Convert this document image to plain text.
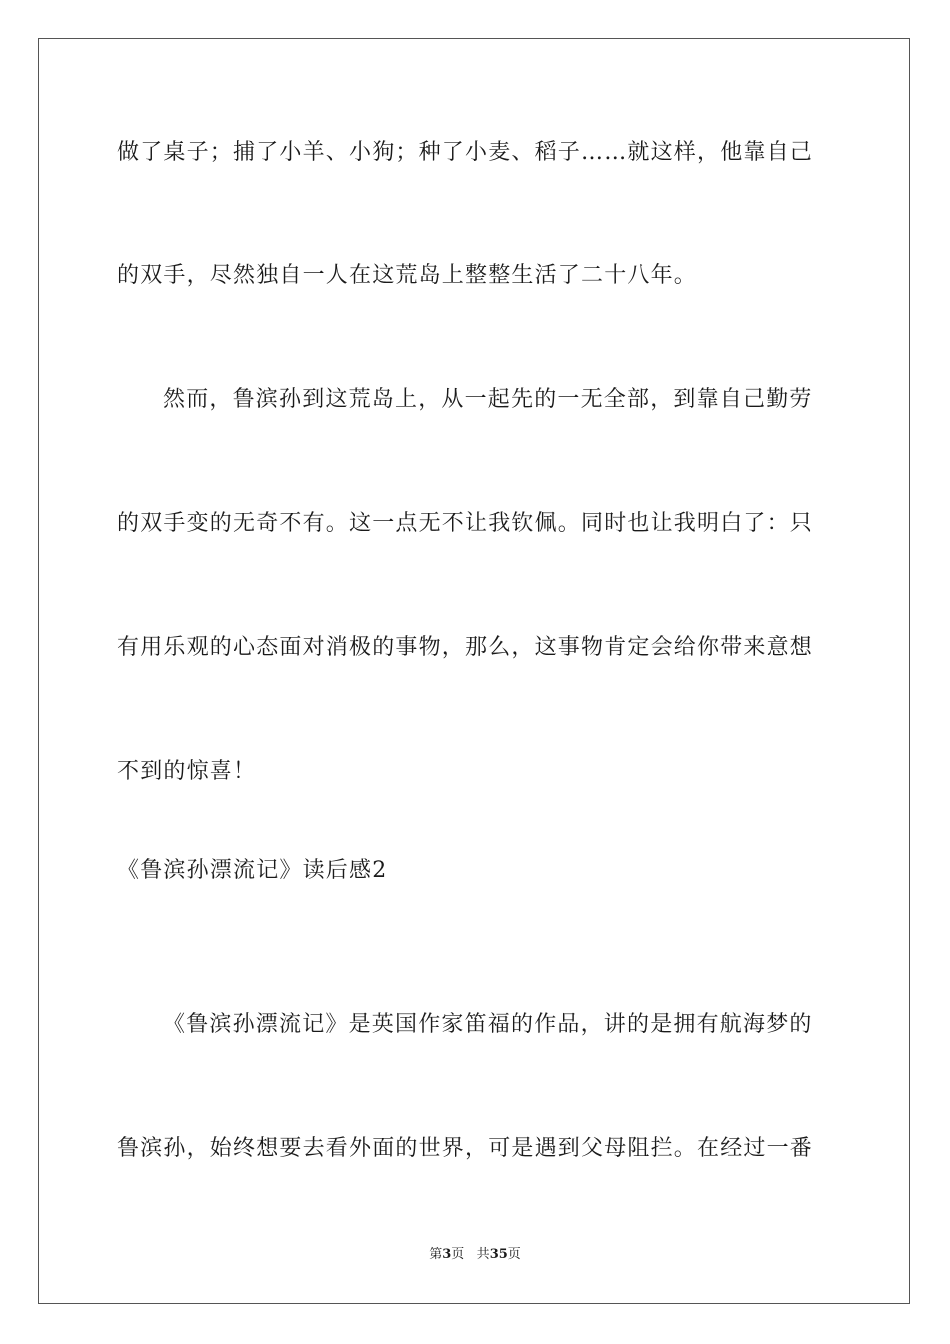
做了桌子；捕了小羊、小狗；种了小麦、稻子……就这样，他靠自己
的双手，尽然独自一人在这荒岛上整整生活了二十八年。
然而，鲁滨孙到这荒岛上，从一起先的一无全部，到靠自己勤劳
的双手变的无奇不有。这一点无不让我钦佩。同时也让我明白了：只
有用乐观的心态面对消极的事物，那么，这事物肯定会给你带来意想
不到的惊喜！
《鲁滨孙漂流记》读后感2
《鲁滨孙漂流记》是英国作家笛福的作品，讲的是拥有航海梦的
鲁滨孙，始终想要去看外面的世界，可是遇到父母阻拦。在经过一番
第3页 共35页
